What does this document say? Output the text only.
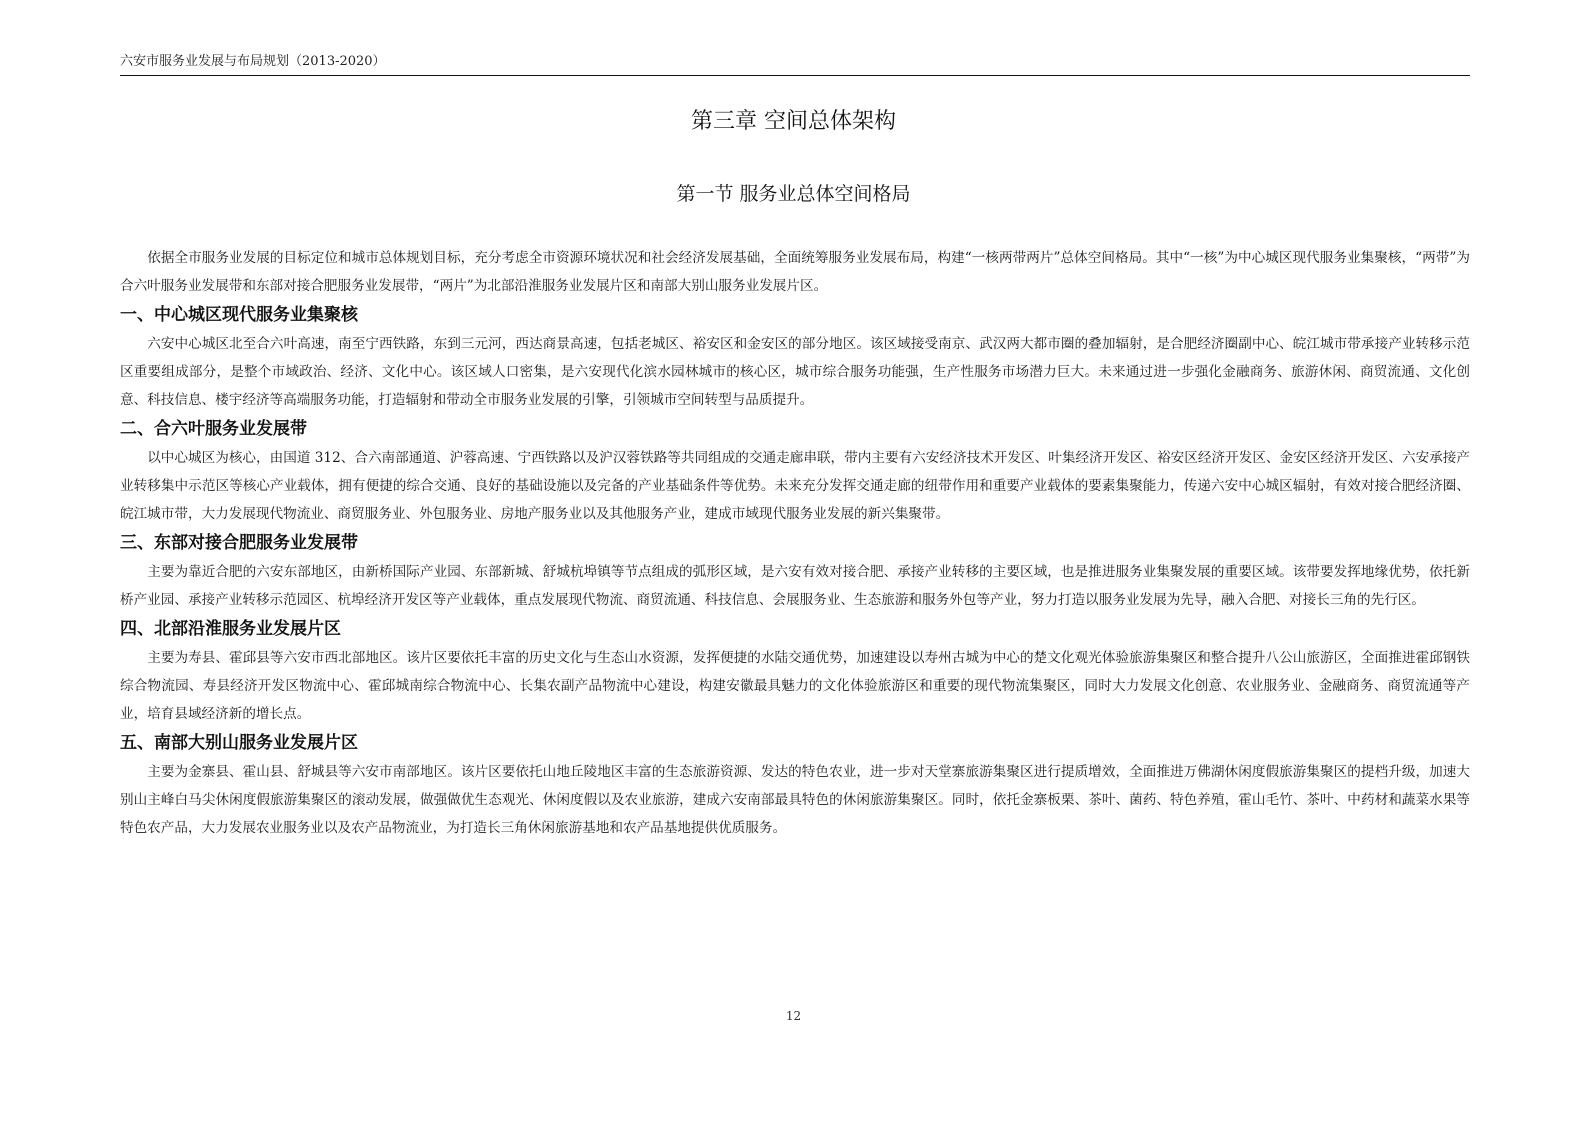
六安市服务业发展与布局规划（2013-2020）
第三章 空间总体架构
第一节 服务业总体空间格局

依据全市服务业发展的目标定位和城市总体规划目标，充分考虑全市资源环境状况和社会经济发展基础，全面统筹服务业发展布局，构建“一核两带两片”总体空间格局。其中“一核”为中心城区现代服务业集聚核，“两带”为合六叶服务业发展带和东部对接合肥服务业发展带，“两片”为北部沿淮服务业发展片区和南部大别山服务业发展片区。

一、中心城区现代服务业集聚核

六安中心城区北至合六叶高速，南至宁西铁路，东到三元河，西达商景高速，包括老城区、裕安区和金安区的部分地区。该区域接受南京、武汉两大都市圈的叠加辐射，是合肥经济圈副中心、皖江城市带承接产业转移示范区重要组成部分，是整个市域政治、经济、文化中心。该区域人口密集，是六安现代化滨水园林城市的核心区，城市综合服务功能强，生产性服务市场潜力巨大。未来通过进一步强化金融商务、旅游休闲、商贸流通、文化创意、科技信息、楼宇经济等高端服务功能，打造辐射和带动全市服务业发展的引擎，引领城市空间转型与品质提升。

二、合六叶服务业发展带

以中心城区为核心，由国道 312、合六南部通道、沪蓉高速、宁西铁路以及沪汉蓉铁路等共同组成的交通走廊串联，带内主要有六安经济技术开发区、叶集经济开发区、裕安区经济开发区、金安区经济开发区、六安承接产业转移集中示范区等核心产业载体，拥有便捷的综合交通、良好的基础设施以及完备的产业基础条件等优势。未来充分发挥交通走廊的纽带作用和重要产业载体的要素集聚能力，传递六安中心城区辐射，有效对接合肥经济圈、皖江城市带，大力发展现代物流业、商贸服务业、外包服务业、房地产服务业以及其他服务产业，建成市域现代服务业发展的新兴集聚带。

三、东部对接合肥服务业发展带

主要为靠近合肥的六安东部地区，由新桥国际产业园、东部新城、舒城杭埠镇等节点组成的弧形区域，是六安有效对接合肥、承接产业转移的主要区域，也是推进服务业集聚发展的重要区域。该带要发挥地缘优势，依托新桥产业园、承接产业转移示范园区、杭埠经济开发区等产业载体，重点发展现代物流、商贸流通、科技信息、会展服务业、生态旅游和服务外包等产业，努力打造以服务业发展为先导，融入合肥、对接长三角的先行区。

四、北部沿淮服务业发展片区

主要为寿县、霍邱县等六安市西北部地区。该片区要依托丰富的历史文化与生态山水资源，发挥便捷的水陆交通优势，加速建设以寿州古城为中心的楚文化观光体验旅游集聚区和整合提升八公山旅游区，全面推进霍邱钢铁综合物流园、寿县经济开发区物流中心、霍邱城南综合物流中心、长集农副产品物流中心建设，构建安徽最具魅力的文化体验旅游区和重要的现代物流集聚区，同时大力发展文化创意、农业服务业、金融商务、商贸流通等产业，培育县域经济新的增长点。

五、南部大别山服务业发展片区

主要为金寨县、霍山县、舒城县等六安市南部地区。该片区要依托山地丘陵地区丰富的生态旅游资源、发达的特色农业，进一步对天堂寨旅游集聚区进行提质增效，全面推进万佛湖休闲度假旅游集聚区的提档升级，加速大别山主峰白马尖休闲度假旅游集聚区的滚动发展，做强做优生态观光、休闲度假以及农业旅游，建成六安南部最具特色的休闲旅游集聚区。同时，依托金寨板栗、茶叶、菌药、特色养殖，霍山毛竹、茶叶、中药材和蔬菜水果等特色农产品，大力发展农业服务业以及农产品物流业，为打造长三角休闲旅游基地和农产品基地提供优质服务。

12
